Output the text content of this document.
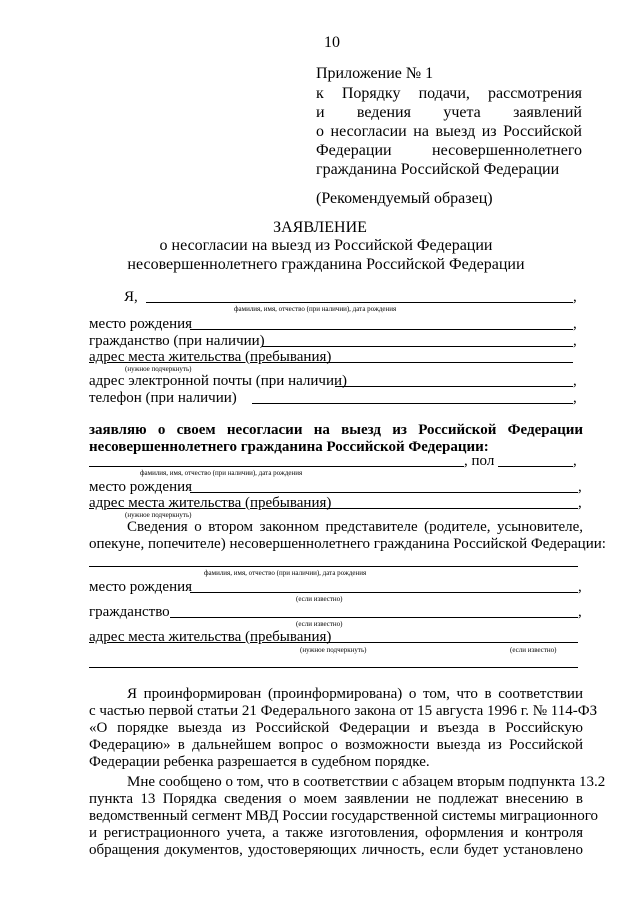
10
Приложение № 1
к Порядку подачи, рассмотрения
и ведения учета заявлений
о несогласии на выезд из Российской
Федерации несовершеннолетнего
гражданина Российской Федерации
(Рекомендуемый образец)
ЗАЯВЛЕНИЕ
о несогласии на выезд из Российской Федерации
несовершеннолетнего гражданина Российской Федерации
Я,	,
фамилия, имя, отчество (при наличии), дата рождения
место рождения	,
гражданство (при наличии)	,
адрес места жительства (пребывания)
(нужное подчеркнуть)
адрес электронной почты (при наличии)	,
телефон (при наличии)	,
заявляю о своем несогласии на выезд из Российской Федерации
несовершеннолетнего гражданина Российской Федерации:
, пол	,
фамилия, имя, отчество (при наличии), дата рождения
место рождения	,
адрес места жительства (пребывания)	,
(нужное подчеркнуть)
Сведения о втором законном представителе (родителе, усыновителе,
опекуне, попечителе) несовершеннолетнего гражданина Российской Федерации:
фамилия, имя, отчество (при наличии), дата рождения
место рождения	,
(если известно)
гражданство	,
(если известно)
адрес места жительства (пребывания)
(нужное подчеркнуть)	(если известно)
Я проинформирован (проинформирована) о том, что в соответствии
с частью первой статьи 21 Федерального закона от 15 августа 1996 г. № 114-ФЗ
«О порядке выезда из Российской Федерации и въезда в Российскую
Федерацию» в дальнейшем вопрос о возможности выезда из Российской
Федерации ребенка разрешается в судебном порядке.
Мне сообщено о том, что в соответствии с абзацем вторым подпункта 13.2
пункта 13 Порядка сведения о моем заявлении не подлежат внесению в
ведомственный сегмент МВД России государственной системы миграционного
и регистрационного учета, а также изготовления, оформления и контроля
обращения документов, удостоверяющих личность, если будет установлено
